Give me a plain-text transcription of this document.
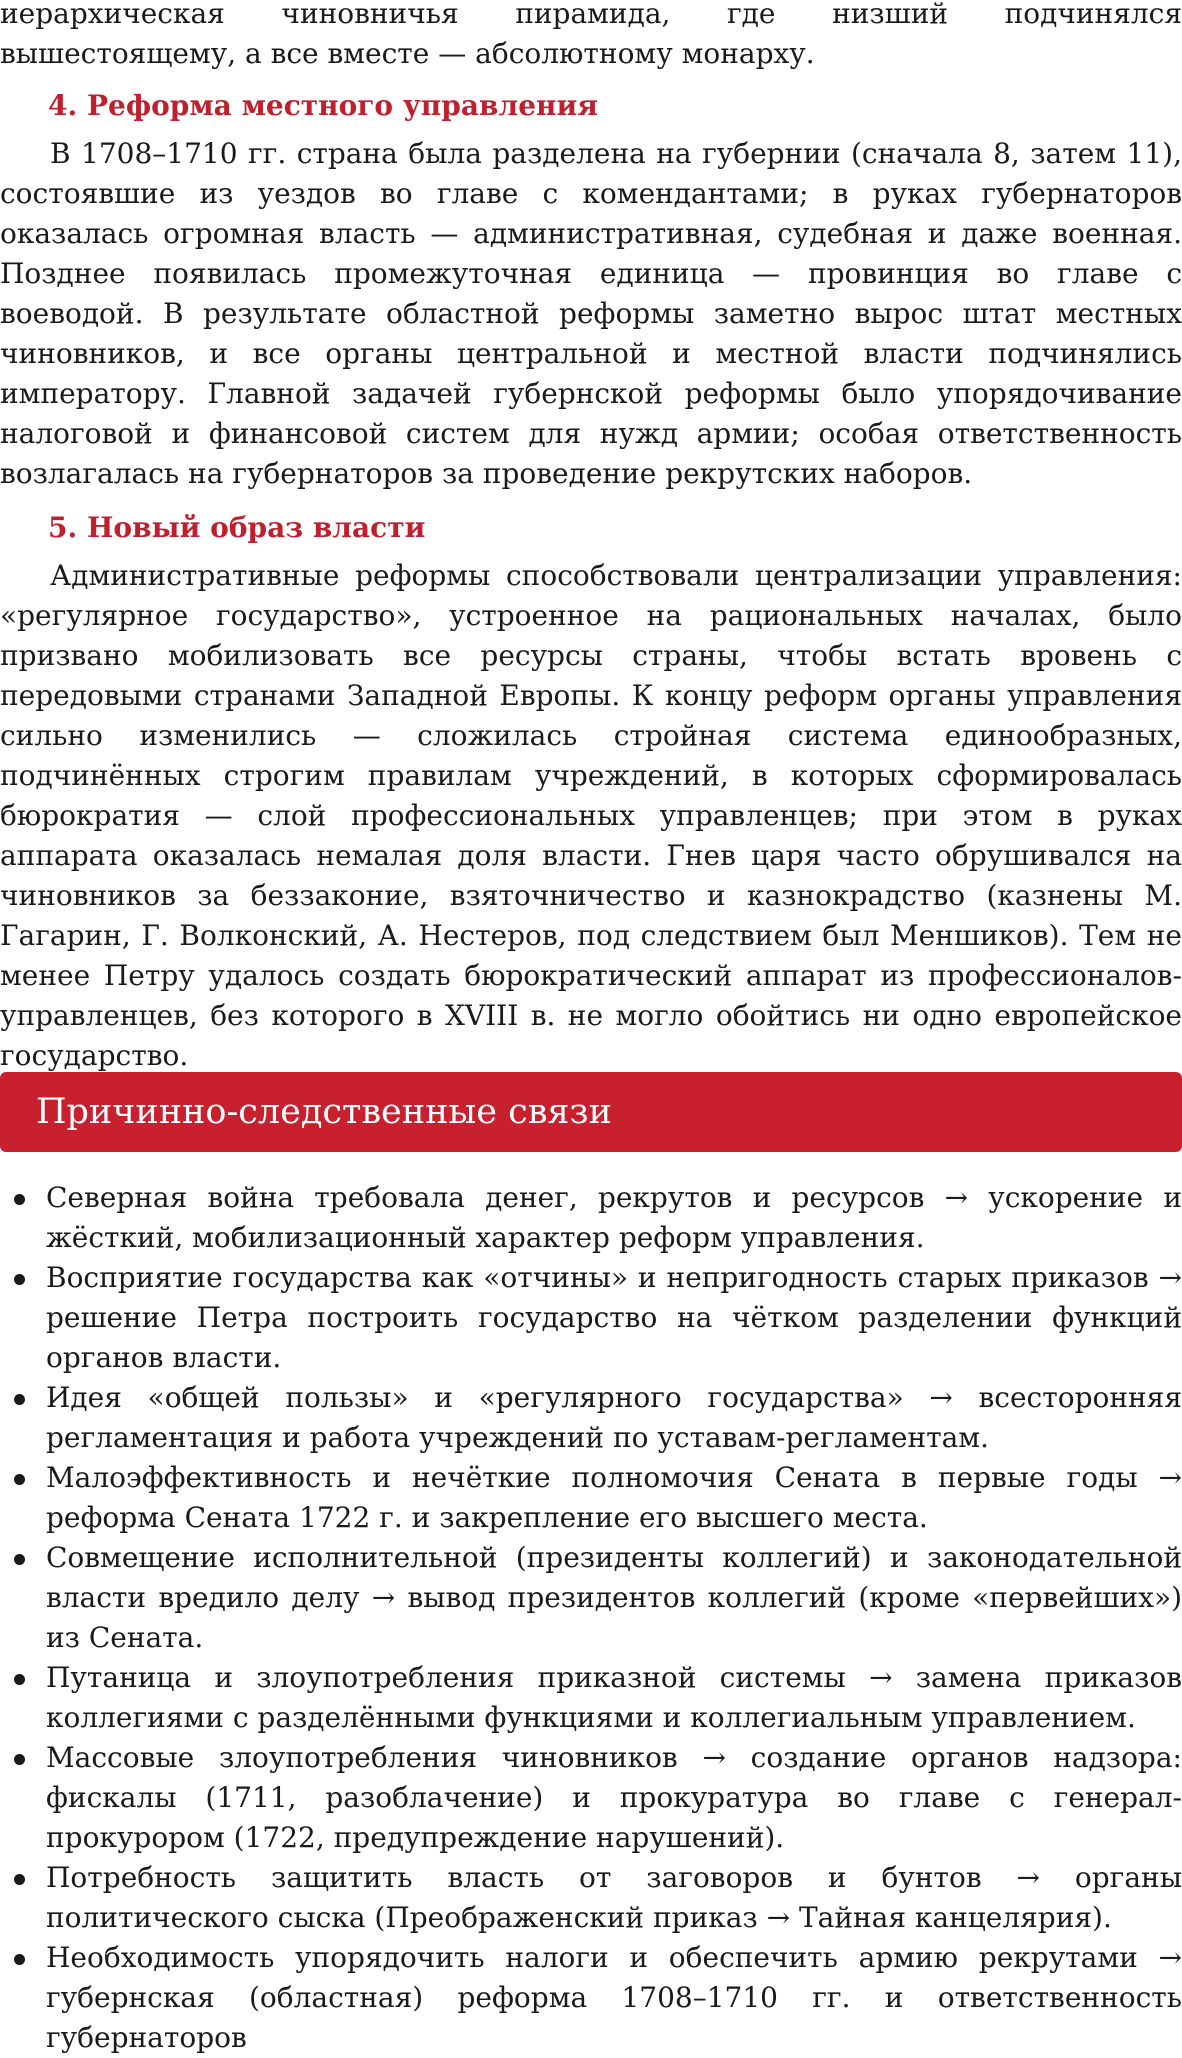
иерархическая чиновничья пирамида, где низший подчинялся вышестоящему, а все вместе — абсолютному монарху.

4. Реформа местного управления

В 1708–1710 гг. страна была разделена на губернии (сначала 8, затем 11), состоявшие из уездов во главе с комендантами; в руках губернаторов оказалась огромная власть — административная, судебная и даже военная. Позднее появилась промежуточная единица — провинция во главе с воеводой. В результате областной реформы заметно вырос штат местных чиновников, и все органы центральной и местной власти подчинялись императору. Главной задачей губернской реформы было упорядочивание налоговой и финансовой систем для нужд армии; особая ответственность возлагалась на губернаторов за проведение рекрутских наборов.

5. Новый образ власти

Административные реформы способствовали централизации управления: «регулярное государство», устроенное на рациональных началах, было призвано мобилизовать все ресурсы страны, чтобы встать вровень с передовыми странами Западной Европы. К концу реформ органы управления сильно изменились — сложилась стройная система единообразных, подчинённых строгим правилам учреждений, в которых сформировалась бюрократия — слой профессиональных управленцев; при этом в руках аппарата оказалась немалая доля власти. Гнев царя часто обрушивался на чиновников за беззаконие, взяточничество и казнокрадство (казнены М. Гагарин, Г. Волконский, А. Нестеров, под следствием был Меншиков). Тем не менее Петру удалось создать бюрократический аппарат из профессионалов-управленцев, без которого в XVIII в. не могло обойтись ни одно европейское государство.

Причинно-следственные связи
Северная война требовала денег, рекрутов и ресурсов → ускорение и жёсткий, мобилизационный характер реформ управления.
Восприятие государства как «отчины» и непригодность старых приказов → решение Петра построить государство на чётком разделении функций органов власти.
Идея «общей пользы» и «регулярного государства» → всесторонняя регламентация и работа учреждений по уставам-регламентам.
Малоэффективность и нечёткие полномочия Сената в первые годы → реформа Сената 1722 г. и закрепление его высшего места.
Совмещение исполнительной (президенты коллегий) и законодательной власти вредило делу → вывод президентов коллегий (кроме «первейших») из Сената.
Путаница и злоупотребления приказной системы → замена приказов коллегиями с разделёнными функциями и коллегиальным управлением.
Массовые злоупотребления чиновников → создание органов надзора: фискалы (1711, разоблачение) и прокуратура во главе с генерал-прокурором (1722, предупреждение нарушений).
Потребность защитить власть от заговоров и бунтов → органы политического сыска (Преображенский приказ → Тайная канцелярия).
Необходимость упорядочить налоги и обеспечить армию рекрутами → губернская (областная) реформа 1708–1710 гг. и ответственность губернаторов
